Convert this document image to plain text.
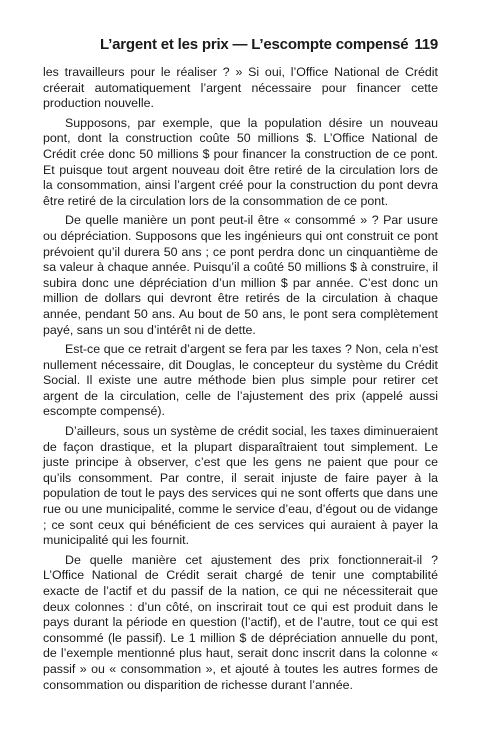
L’argent et les prix — L’escompte compensé 119

les travailleurs pour le réaliser ? » Si oui, l’Office National de Crédit créerait automatiquement l’argent nécessaire pour financer cette production nouvelle.

Supposons, par exemple, que la population désire un nouveau pont, dont la construction coûte 50 millions $. L’Office National de Crédit crée donc 50 millions $ pour financer la construction de ce pont. Et puisque tout argent nouveau doit être retiré de la circulation lors de la consommation, ainsi l’argent créé pour la construction du pont devra être retiré de la circulation lors de la consommation de ce pont.

De quelle manière un pont peut-il être « consommé » ? Par usure ou dépréciation. Supposons que les ingénieurs qui ont construit ce pont prévoient qu’il durera 50 ans ; ce pont perdra donc un cinquantième de sa valeur à chaque année. Puisqu’il a coûté 50 millions $ à construire, il subira donc une dépréciation d’un million $ par année. C’est donc un million de dollars qui devront être retirés de la circulation à chaque année, pendant 50 ans. Au bout de 50 ans, le pont sera complètement payé, sans un sou d’intérêt ni de dette.

Est-ce que ce retrait d’argent se fera par les taxes ? Non, cela n’est nullement nécessaire, dit Douglas, le concepteur du système du Crédit Social. Il existe une autre méthode bien plus simple pour retirer cet argent de la circulation, celle de l’ajustement des prix (appelé aussi escompte compensé).

D’ailleurs, sous un système de crédit social, les taxes diminueraient de façon drastique, et la plupart disparaîtraient tout simplement. Le juste principe à observer, c’est que les gens ne paient que pour ce qu’ils consomment. Par contre, il serait injuste de faire payer à la population de tout le pays des services qui ne sont offerts que dans une rue ou une municipalité, comme le service d’eau, d’égout ou de vidange ; ce sont ceux qui bénéficient de ces services qui auraient à payer la municipalité qui les fournit.

De quelle manière cet ajustement des prix fonctionnerait-il ? L’Office National de Crédit serait chargé de tenir une comptabilité exacte de l’actif et du passif de la nation, ce qui ne nécessiterait que deux colonnes : d’un côté, on inscrirait tout ce qui est produit dans le pays durant la période en question (l’actif), et de l’autre, tout ce qui est consommé (le passif). Le 1 million $ de dépréciation annuelle du pont, de l’exemple mentionné plus haut, serait donc inscrit dans la colonne « passif » ou « consommation », et ajouté à toutes les autres formes de consommation ou disparition de richesse durant l’année.
